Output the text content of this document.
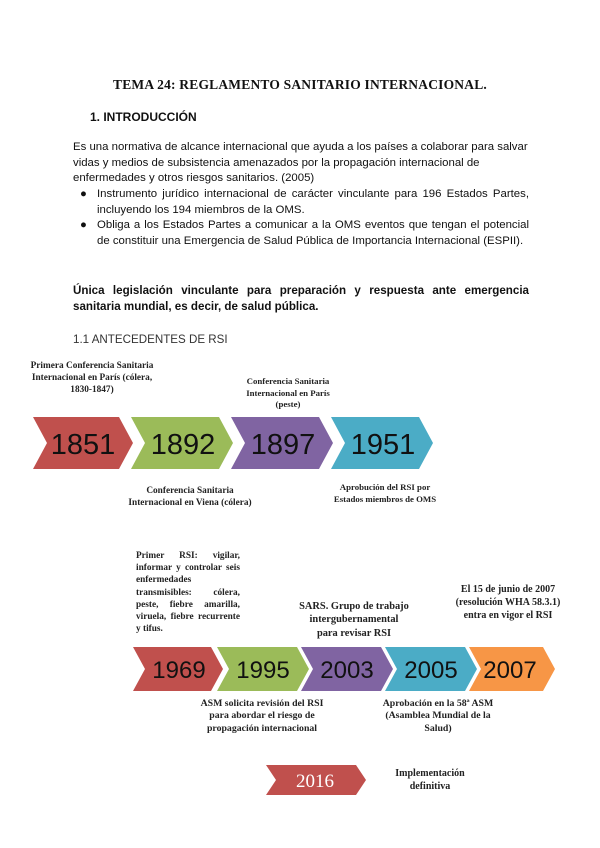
TEMA 24: REGLAMENTO SANITARIO INTERNACIONAL.
1. INTRODUCCIÓN
Es una normativa de alcance internacional que ayuda a los países a colaborar para salvar vidas y medios de subsistencia amenazados por la propagación internacional de enfermedades y otros riesgos sanitarios. (2005)
● Instrumento jurídico internacional de carácter vinculante para 196 Estados Partes, incluyendo los 194 miembros de la OMS.
● Obliga a los Estados Partes a comunicar a la OMS eventos que tengan el potencial de constituir una Emergencia de Salud Pública de Importancia Internacional (ESPII).
Única legislación vinculante para preparación y respuesta ante emergencia sanitaria mundial, es decir, de salud pública.
1.1 ANTECEDENTES DE RSI
Primera Conferencia Sanitaria Internacional en París (cólera, 1830-1847)
Conferencia Sanitaria Internacional en París (peste)
Conferencia Sanitaria Internacional en Viena (cólera)
Aprobución del RSI por Estados miembros de OMS
Primer RSI: vigilar, informar y controlar seis enfermedades transmisibles: cólera, peste, fiebre amarilla, viruela, fiebre recurrente y tifus.
SARS. Grupo de trabajo intergubernamental para revisar RSI
El 15 de junio de 2007 (resolución WHA 58.3.1) entra en vigor el RSI
ASM solicita revisión del RSI para abordar el riesgo de propagación internacional
Aprobación en la 58ª ASM (Asamblea Mundial de la Salud)
Implementación definitiva
1851 1892 1897 1951
1969 1995 2003 2005 2007
2016
